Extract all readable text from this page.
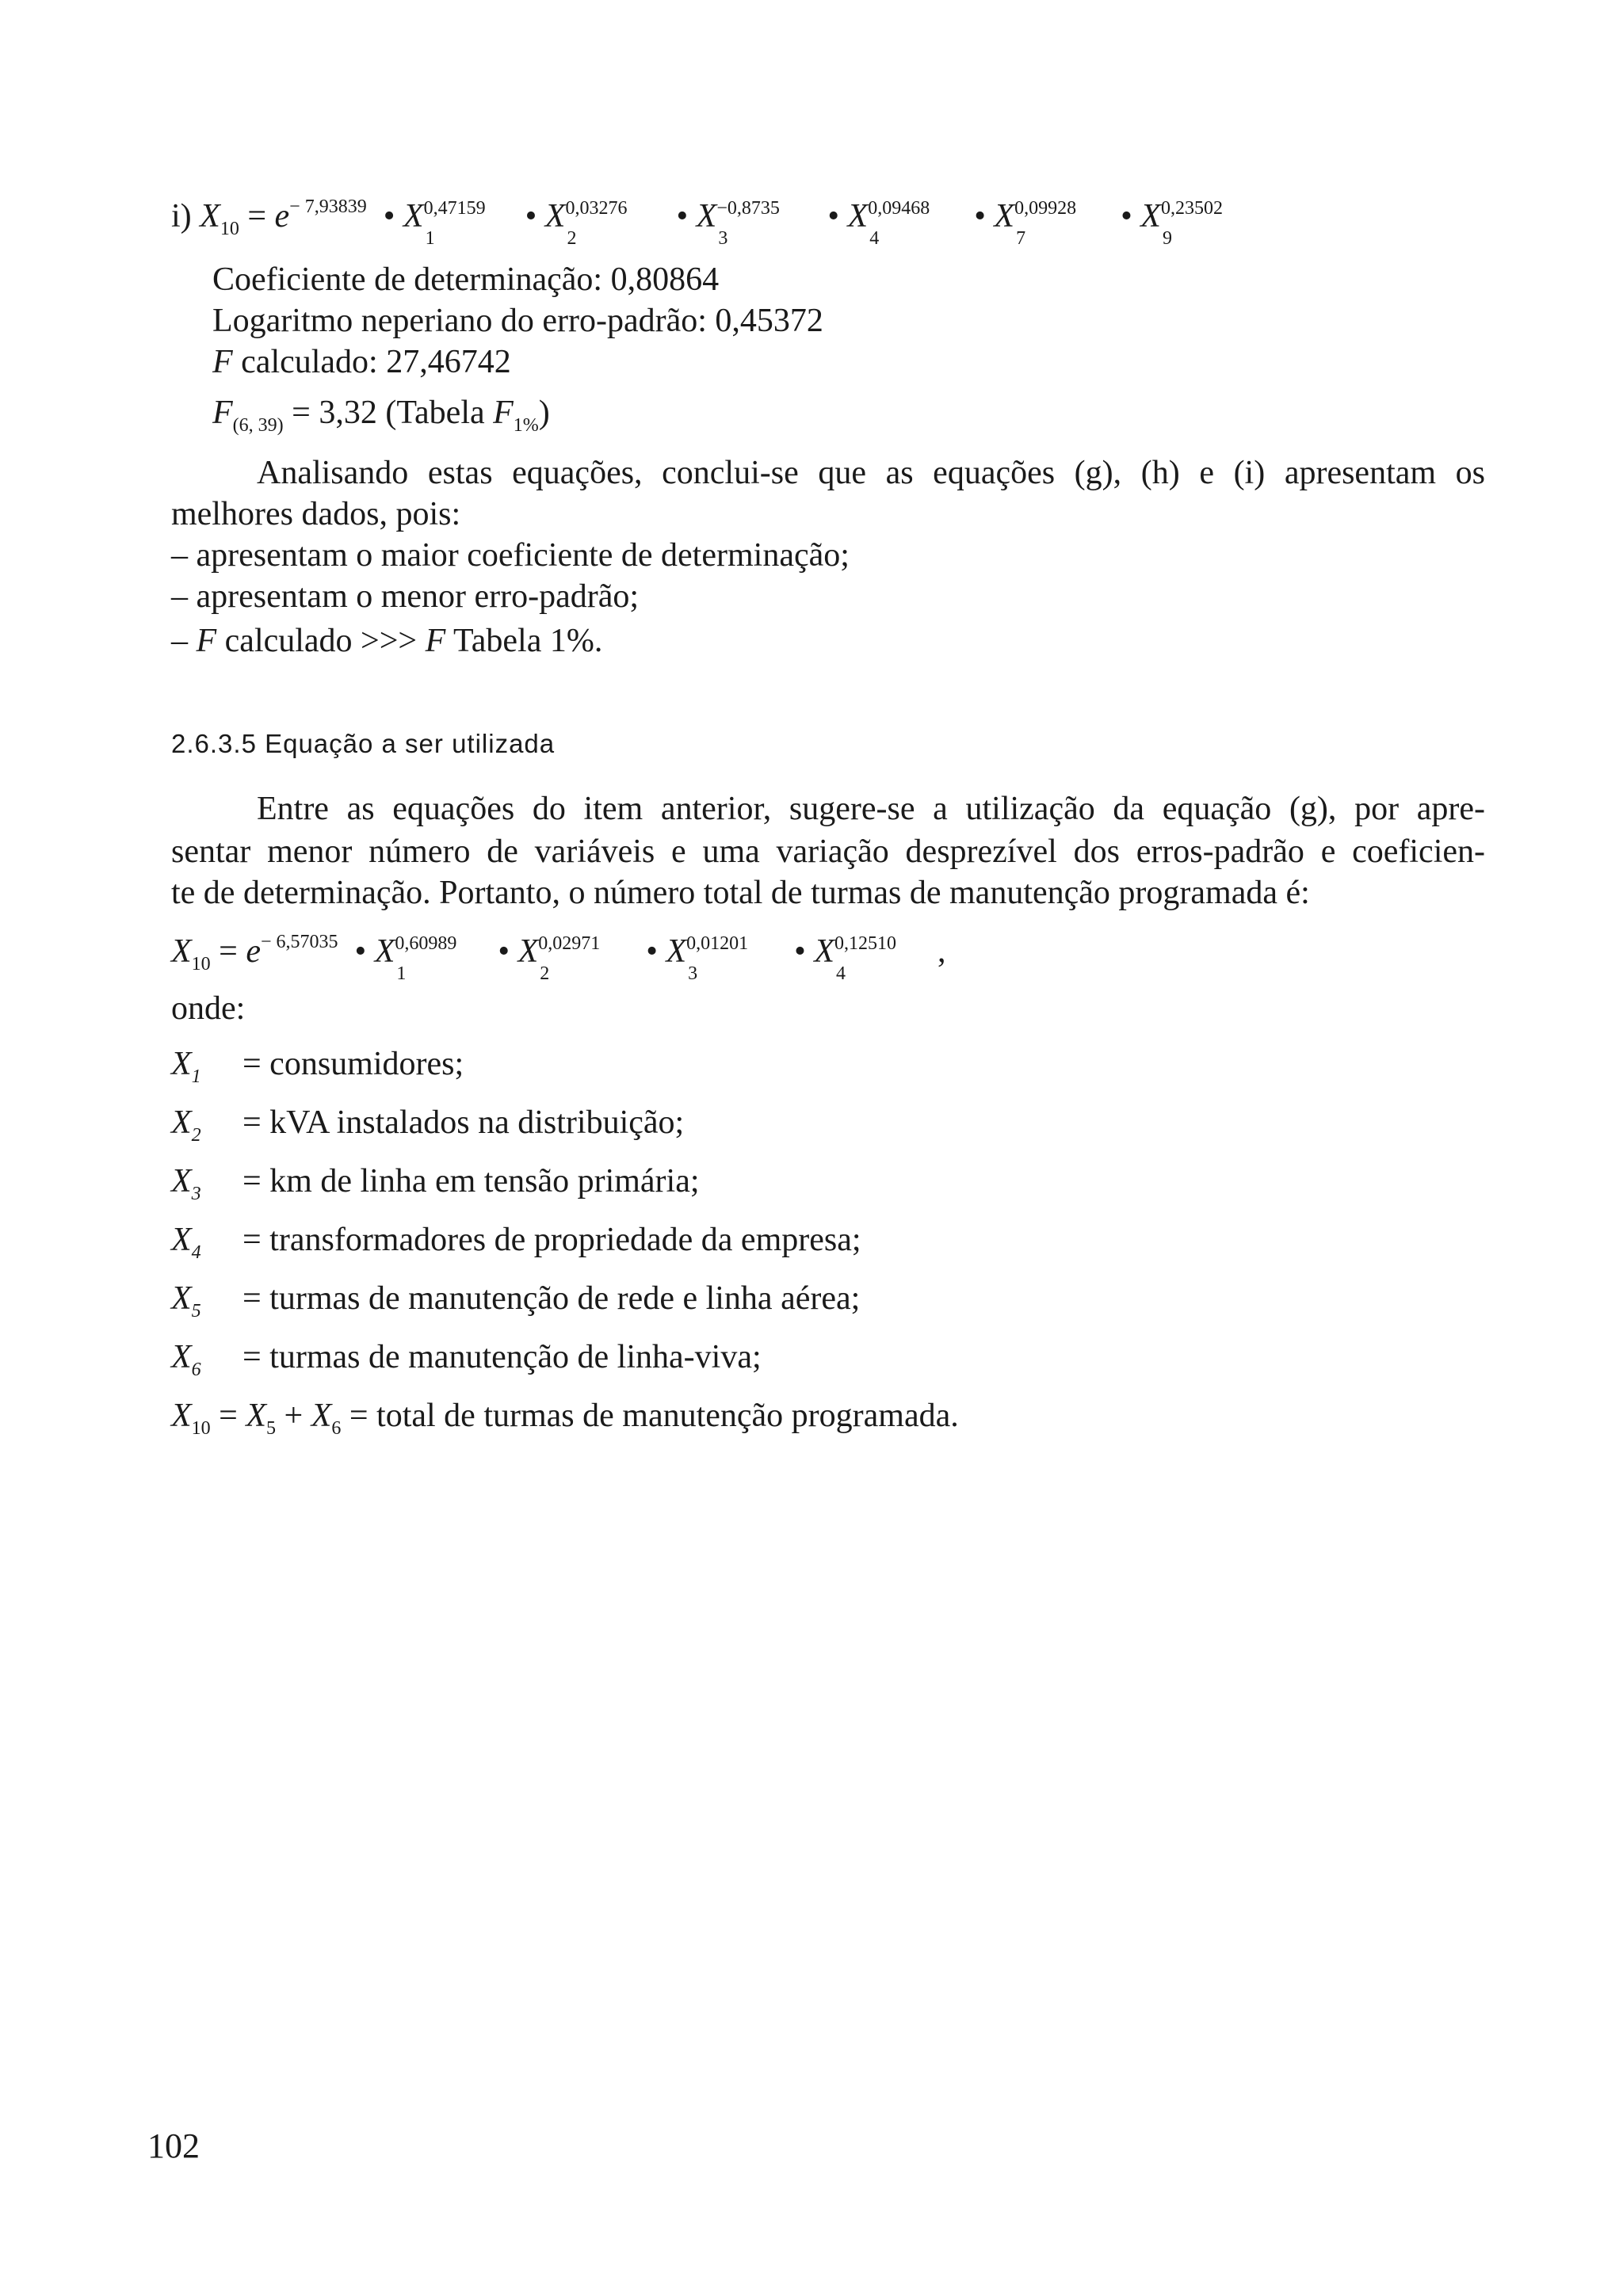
i) $X_{10} = e^{- 7,93839}$ • X 0,47159
1
• X 0,03276
2
• X −0,8735
3
• X 0,09468
4
• X 0,09928
7
• X 0,23502
9
Coeficiente de determinação: 0,80864
Logaritmo neperiano do erro-padrão: 0,45372
F calculado: 27,46742
$F_{(6, 39)} = 3,32$ (Tabela $F_{1\%}$)
Analisando estas equações, conclui-se que as equações (g), (h) e (i) apresentam os
melhores dados, pois:
– apresentam o maior coeficiente de determinação;
– apresentam o menor erro-padrão;
– F calculado >>> F Tabela 1%.
2.6.3.5 Equação a ser utilizada
Entre as equações do item anterior, sugere-se a utilização da equação (g), por apre-
sentar menor número de variáveis e uma variação desprezível dos erros-padrão e coeficien-
te de determinação. Portanto, o número total de turmas de manutenção programada é:
$X_{10} = e^{- 6,57035}$ • X 0,60989
1
• X 0,02971
2
• X 0,01201
3
• X 0,12510
4
,
onde:
$X_1$ = consumidores;
$X_2$ = kVA instalados na distribuição;
$X_3$ = km de linha em tensão primária;
$X_4$ = transformadores de propriedade da empresa;
$X_5$ = turmas de manutenção de rede e linha aérea;
$X_6$ = turmas de manutenção de linha-viva;
$X_{10} = X_5 + X_6$ = total de turmas de manutenção programada.
102
